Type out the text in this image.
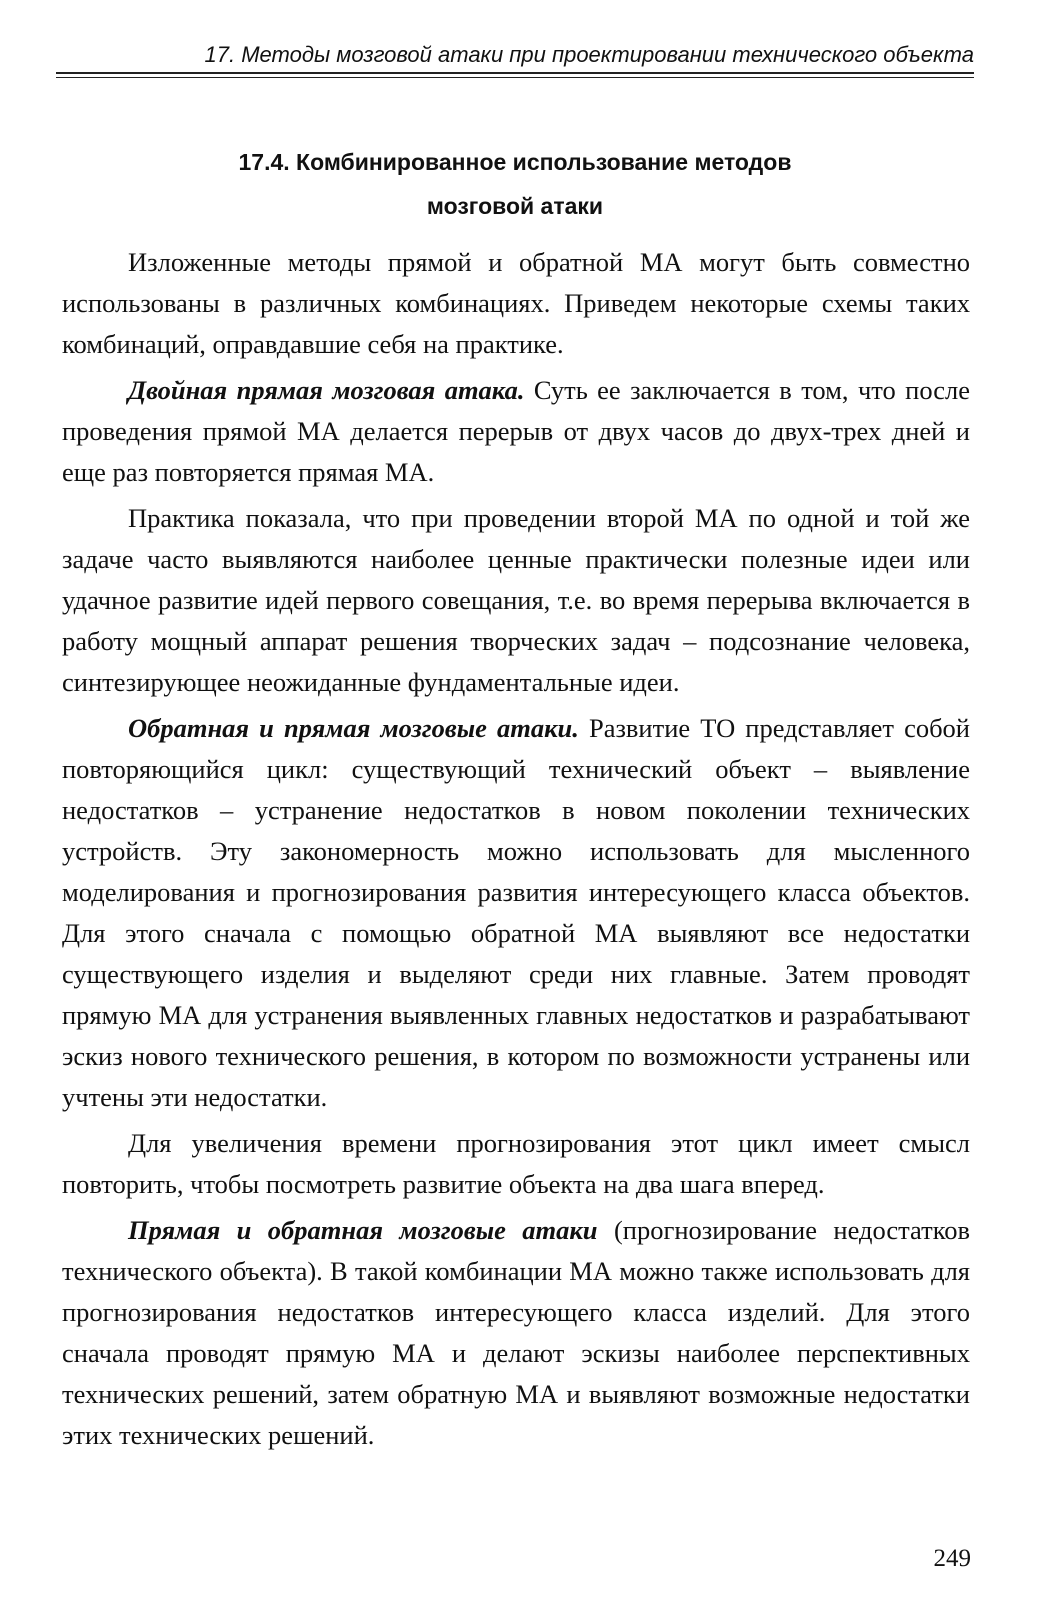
17. Методы мозговой атаки при проектировании технического объекта
17.4. Комбинированное использование методов
мозговой атаки

Изложенные методы прямой и обратной МА могут быть совместно использованы в различных комбинациях. Приведем некоторые схемы таких комбинаций, оправдавшие себя на практике.

Двойная прямая мозговая атака. Суть ее заключается в том, что после проведения прямой МА делается перерыв от двух часов до двух-трех дней и еще раз повторяется прямая МА.

Практика показала, что при проведении второй МА по одной и той же задаче часто выявляются наиболее ценные практически полезные идеи или удачное развитие идей первого совещания, т.е. во время перерыва включается в работу мощный аппарат решения творческих задач – подсознание человека, синтезирующее неожиданные фундаментальные идеи.

Обратная и прямая мозговые атаки. Развитие ТО представляет собой повторяющийся цикл: существующий технический объект – выявление недостатков – устранение недостатков в новом поколении технических устройств. Эту закономерность можно использовать для мысленного моделирования и прогнозирования развития интересующего класса объектов. Для этого сначала с помощью обратной МА выявляют все недостатки существующего изделия и выделяют среди них главные. Затем проводят прямую МА для устранения выявленных главных недостатков и разрабатывают эскиз нового технического решения, в котором по возможности устранены или учтены эти недостатки.

Для увеличения времени прогнозирования этот цикл имеет смысл повторить, чтобы посмотреть развитие объекта на два шага вперед.

Прямая и обратная мозговые атаки (прогнозирование недостатков технического объекта). В такой комбинации МА можно также использовать для прогнозирования недостатков интересующего класса изделий. Для этого сначала проводят прямую МА и делают эскизы наиболее перспективных технических решений, затем обратную МА и выявляют возможные недостатки этих технических решений.

249
